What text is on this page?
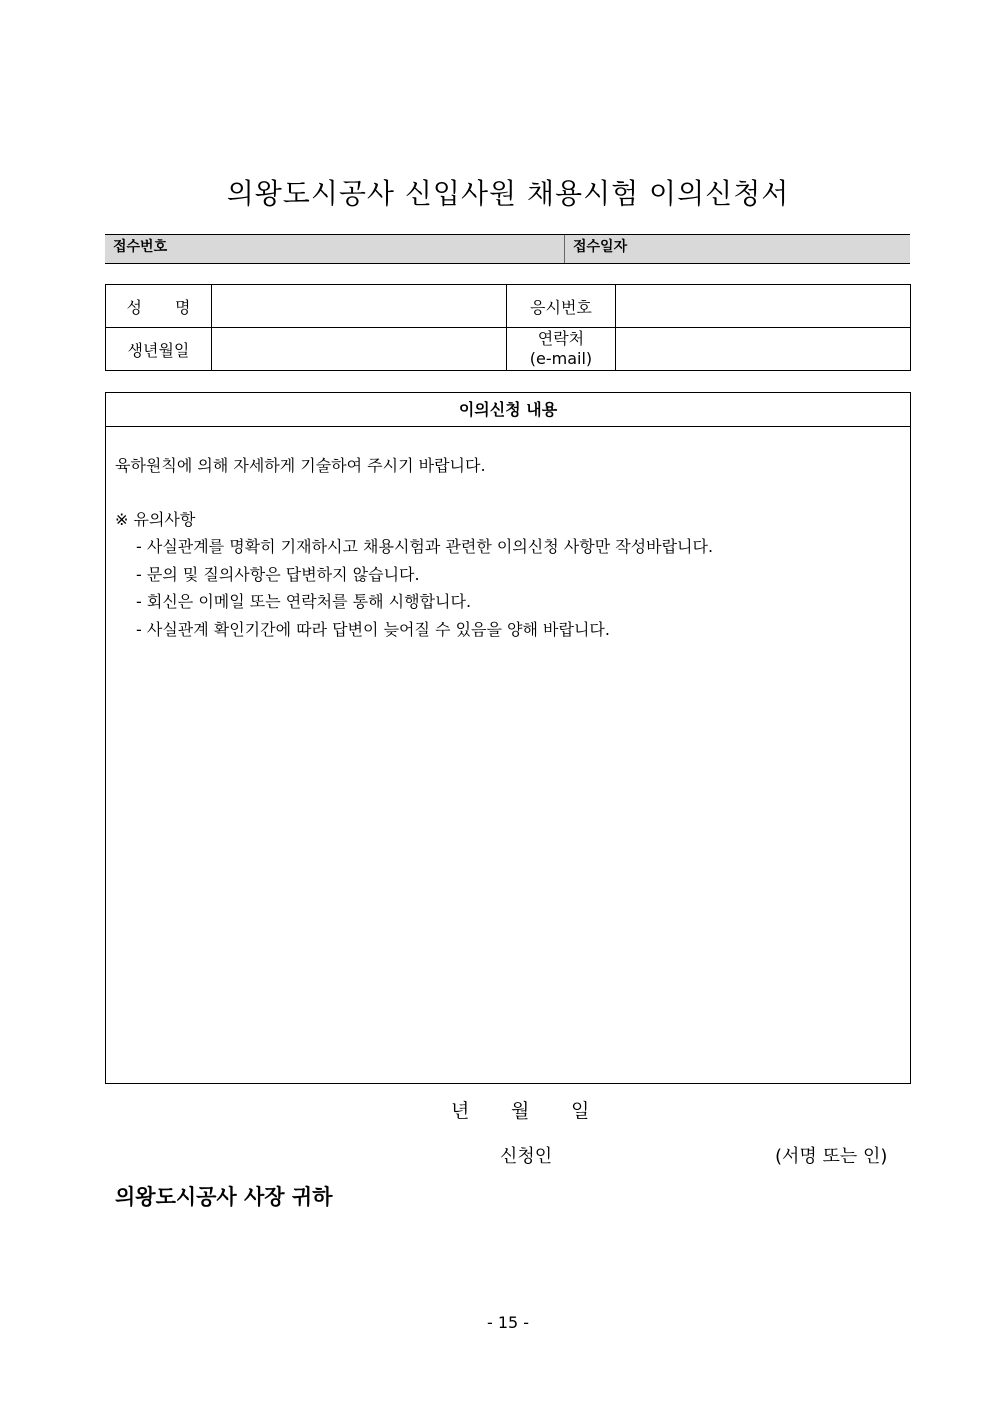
의왕도시공사 신입사원 채용시험 이의신청서
접수번호	접수일자
성 명		응시번호	
생년월일		연락처
(e-mail)	

이의신청 내용
육하원칙에 의해 자세하게 기술하여 주시기 바랍니다.
※ 유의사항
- 사실관계를 명확히 기재하시고 채용시험과 관련한 이의신청 사항만 작성바랍니다.
- 문의 및 질의사항은 답변하지 않습니다.
- 회신은 이메일 또는 연락처를 통해 시행합니다.
- 사실관계 확인기간에 따라 답변이 늦어질 수 있음을 양해 바랍니다.
년	월	일
신청인	(서명 또는 인)
의왕도시공사 사장 귀하
- 15 -
